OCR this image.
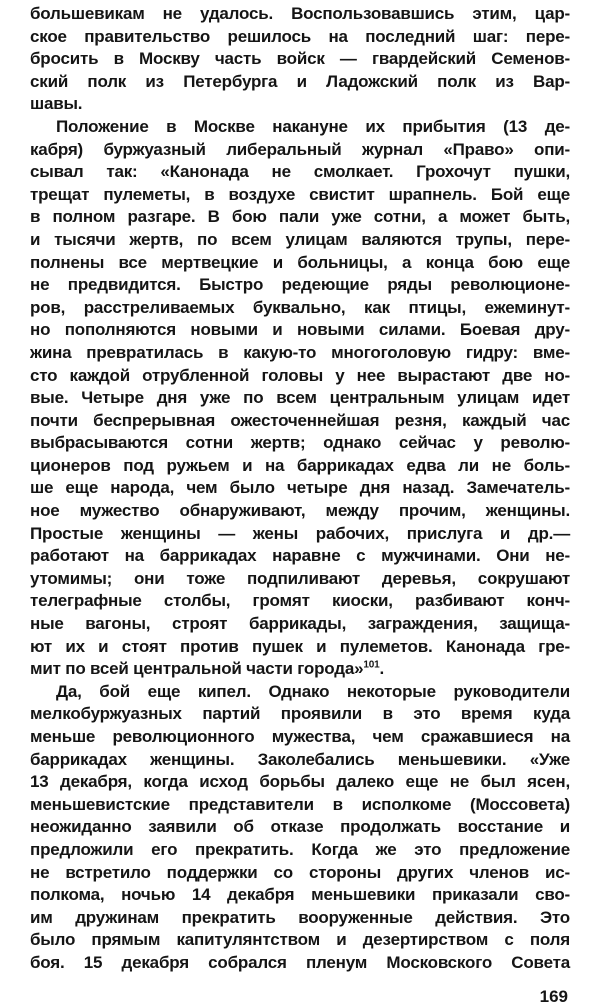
большевикам не удалось. Воспользовавшись этим, цар-
ское правительство решилось на последний шаг: пере-
бросить в Москву часть войск — гвардейский Семенов-
ский полк из Петербурга и Ладожский полк из Вар-
шавы.
Положение в Москве накануне их прибытия (13 де-
кабря) буржуазный либеральный журнал «Право» опи-
сывал так: «Канонада не смолкает. Грохочут пушки,
трещат пулеметы, в воздухе свистит шрапнель. Бой еще
в полном разгаре. В бою пали уже сотни, а может быть,
и тысячи жертв, по всем улицам валяются трупы, пере-
полнены все мертвецкие и больницы, а конца бою еще
не предвидится. Быстро редеющие ряды революционе-
ров, расстреливаемых буквально, как птицы, ежеминут-
но пополняются новыми и новыми силами. Боевая дру-
жина превратилась в какую-то многоголовую гидру: вме-
сто каждой отрубленной головы у нее вырастают две но-
вые. Четыре дня уже по всем центральным улицам идет
почти беспрерывная ожесточеннейшая резня, каждый час
выбрасываются сотни жертв; однако сейчас у револю-
ционеров под ружьем и на баррикадах едва ли не боль-
ше еще народа, чем было четыре дня назад. Замечатель-
ное мужество обнаруживают, между прочим, женщины.
Простые женщины — жены рабочих, прислуга и др.—
работают на баррикадах наравне с мужчинами. Они не-
утомимы; они тоже подпиливают деревья, сокрушают
телеграфные столбы, громят киоски, разбивают конч-
ные вагоны, строят баррикады, заграждения, защища-
ют их и стоят против пушек и пулеметов. Канонада гре-
мит по всей центральной части города»$^{101}$.
Да, бой еще кипел. Однако некоторые руководители
мелкобуржуазных партий проявили в это время куда
меньше революционного мужества, чем сражавшиеся на
баррикадах женщины. Заколебались меньшевики. «Уже
13 декабря, когда исход борьбы далеко еще не был ясен,
меньшевистские представители в исполкоме (Моссовета)
неожиданно заявили об отказе продолжать восстание и
предложили его прекратить. Когда же это предложение
не встретило поддержки со стороны других членов ис-
полкома, ночью 14 декабря меньшевики приказали сво-
им дружинам прекратить вооруженные действия. Это
было прямым капитулянтством и дезертирством с поля
боя. 15 декабря собрался пленум Московского Совета
169
